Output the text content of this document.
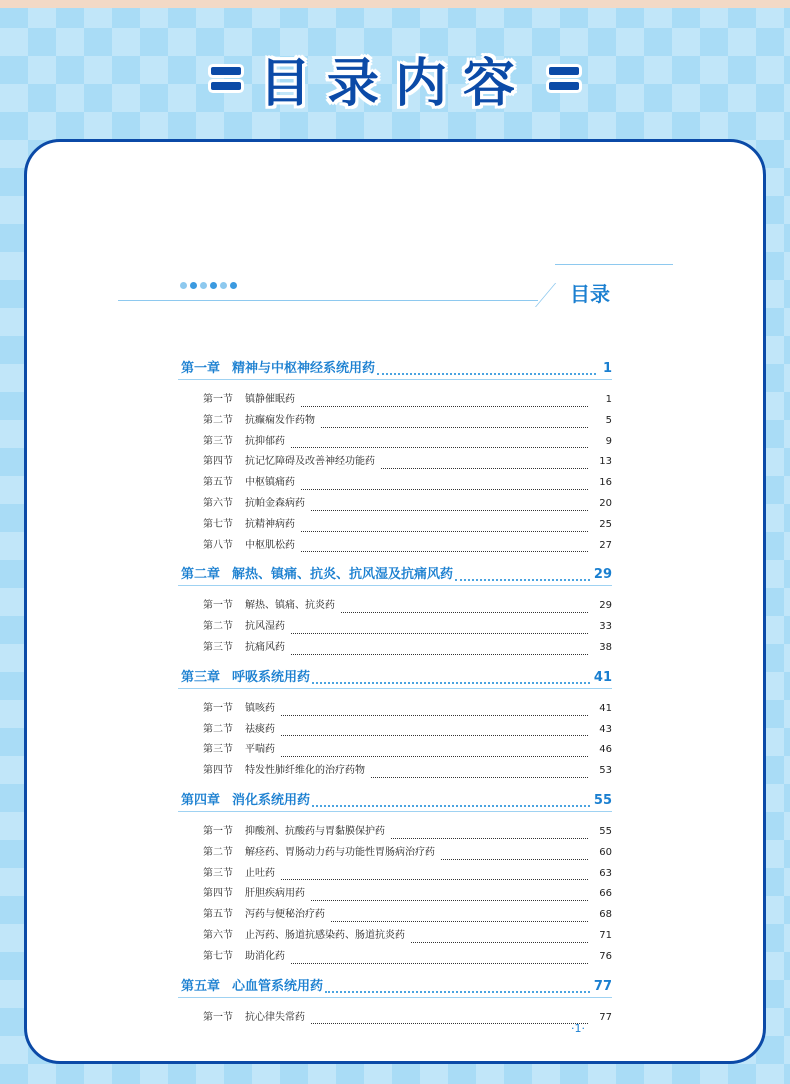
目录内容
目录
第一章 精神与中枢神经系统用药	1
第一节 镇静催眠药	1
第二节 抗癫痫发作药物	5
第三节 抗抑郁药	9
第四节 抗记忆障碍及改善神经功能药	13
第五节 中枢镇痛药	16
第六节 抗帕金森病药	20
第七节 抗精神病药	25
第八节 中枢肌松药	27
第二章 解热、镇痛、抗炎、抗风湿及抗痛风药	29
第一节 解热、镇痛、抗炎药	29
第二节 抗风湿药	33
第三节 抗痛风药	38
第三章 呼吸系统用药	41
第一节 镇咳药	41
第二节 祛痰药	43
第三节 平喘药	46
第四节 特发性肺纤维化的治疗药物	53
第四章 消化系统用药	55
第一节 抑酸剂、抗酸药与胃黏膜保护药	55
第二节 解痉药、胃肠动力药与功能性胃肠病治疗药	60
第三节 止吐药	63
第四节 肝胆疾病用药	66
第五节 泻药与便秘治疗药	68
第六节 止泻药、肠道抗感染药、肠道抗炎药	71
第七节 助消化药	76
第五章 心血管系统用药	77
第一节 抗心律失常药	77
·1·
